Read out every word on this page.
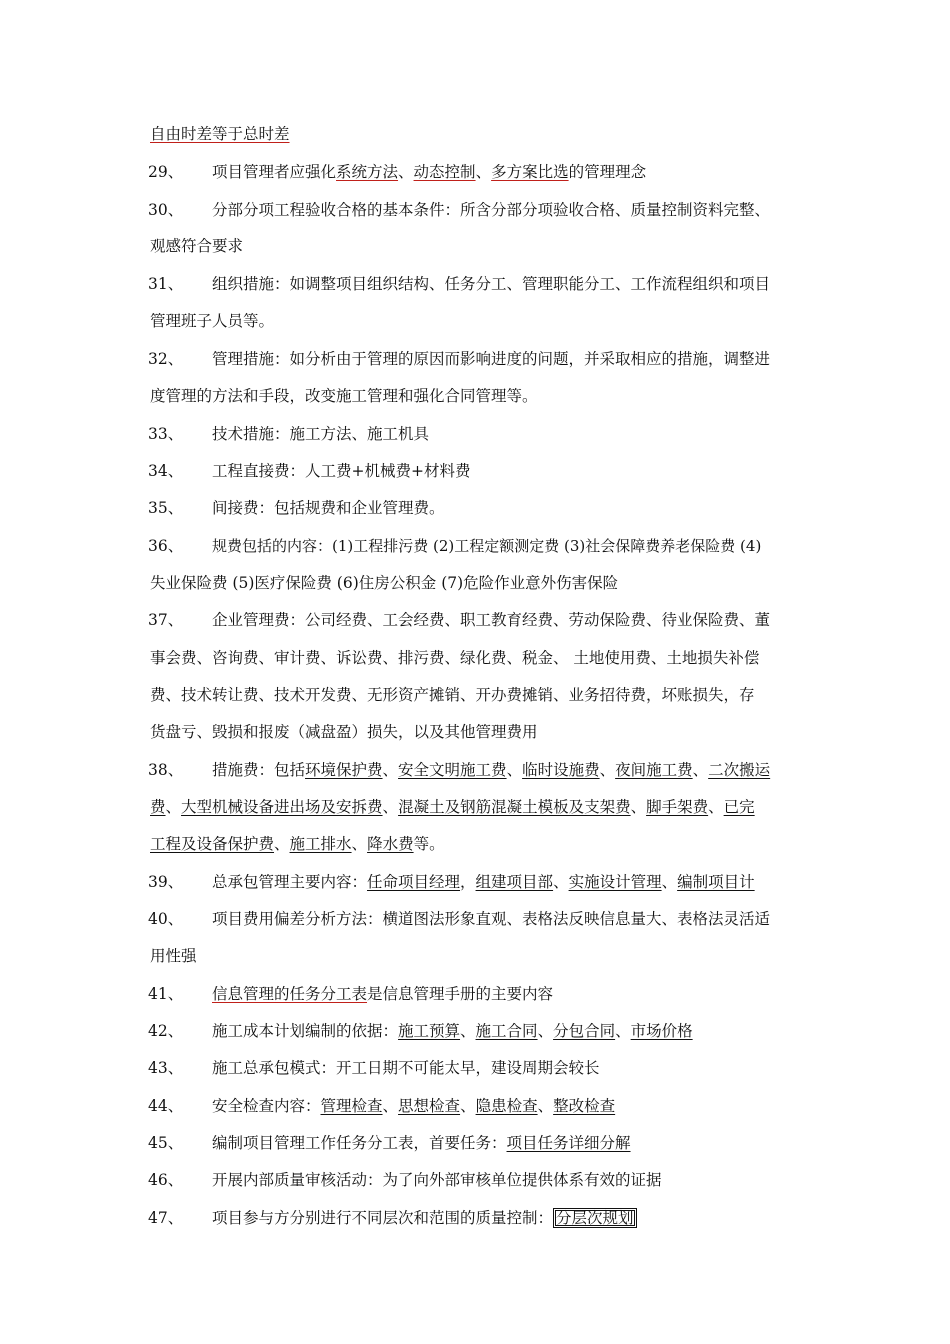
自由时差等于总时差
29、 项目管理者应强化系统方法、动态控制、多方案比选的管理理念
30、 分部分项工程验收合格的基本条件：所含分部分项验收合格、质量控制资料完整、
观感符合要求
31、 组织措施：如调整项目组织结构、任务分工、管理职能分工、工作流程组织和项目
管理班子人员等。
32、 管理措施：如分析由于管理的原因而影响进度的问题，并采取相应的措施，调整进
度管理的方法和手段，改变施工管理和强化合同管理等。
33、 技术措施：施工方法、施工机具
34、 工程直接费：人工费+机械费+材料费
35、 间接费：包括规费和企业管理费。
36、 规费包括的内容：(1)工程排污费 (2)工程定额测定费 (3)社会保障费养老保险费 (4)
失业保险费 (5)医疗保险费 (6)住房公积金 (7)危险作业意外伤害保险
37、 企业管理费：公司经费、工会经费、职工教育经费、劳动保险费、待业保险费、董
事会费、咨询费、审计费、诉讼费、排污费、绿化费、税金、 土地使用费、土地损失补偿
费、技术转让费、技术开发费、无形资产摊销、开办费摊销、业务招待费，坏账损失，存
货盘亏、毁损和报废（减盘盈）损失，以及其他管理费用
38、 措施费：包括环境保护费、安全文明施工费、临时设施费、夜间施工费、二次搬运
费、大型机械设备进出场及安拆费、混凝土及钢筋混凝土模板及支架费、脚手架费、已完
工程及设备保护费、施工排水、降水费等。
39、 总承包管理主要内容：任命项目经理，组建项目部、实施设计管理、编制项目计
40、 项目费用偏差分析方法：横道图法形象直观、表格法反映信息量大、表格法灵活适
用性强
41、 信息管理的任务分工表是信息管理手册的主要内容
42、 施工成本计划编制的依据：施工预算、施工合同、分包合同、市场价格
43、 施工总承包模式：开工日期不可能太早，建设周期会较长
44、 安全检查内容：管理检查、思想检查、隐患检查、整改检查
45、 编制项目管理工作任务分工表，首要任务：项目任务详细分解
46、 开展内部质量审核活动：为了向外部审核单位提供体系有效的证据
47、 项目参与方分别进行不同层次和范围的质量控制： 分层次规划
